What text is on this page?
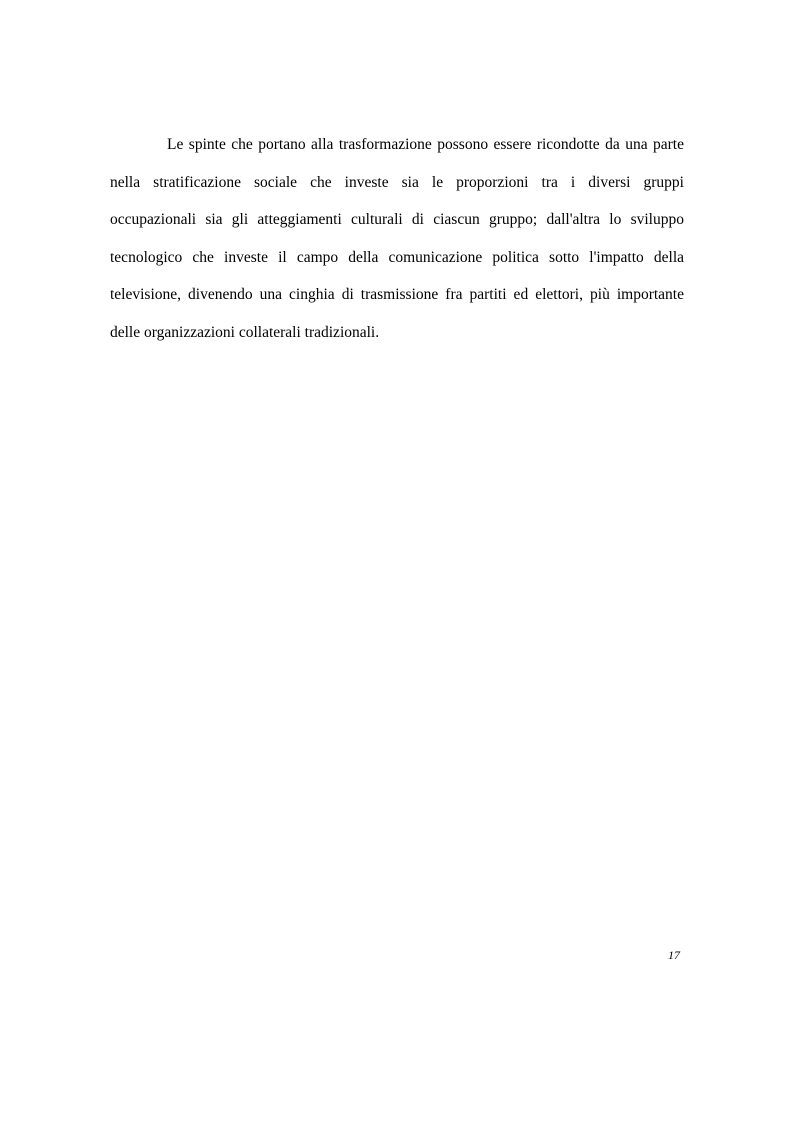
Le spinte che portano alla trasformazione possono essere ricondotte da una parte
nella stratificazione sociale che investe sia le proporzioni tra i diversi gruppi
occupazionali sia gli atteggiamenti culturali di ciascun gruppo; dall'altra lo sviluppo
tecnologico che investe il campo della comunicazione politica sotto l'impatto della
televisione, divenendo una cinghia di trasmissione fra partiti ed elettori, più importante
delle organizzazioni collaterali tradizionali.
17
